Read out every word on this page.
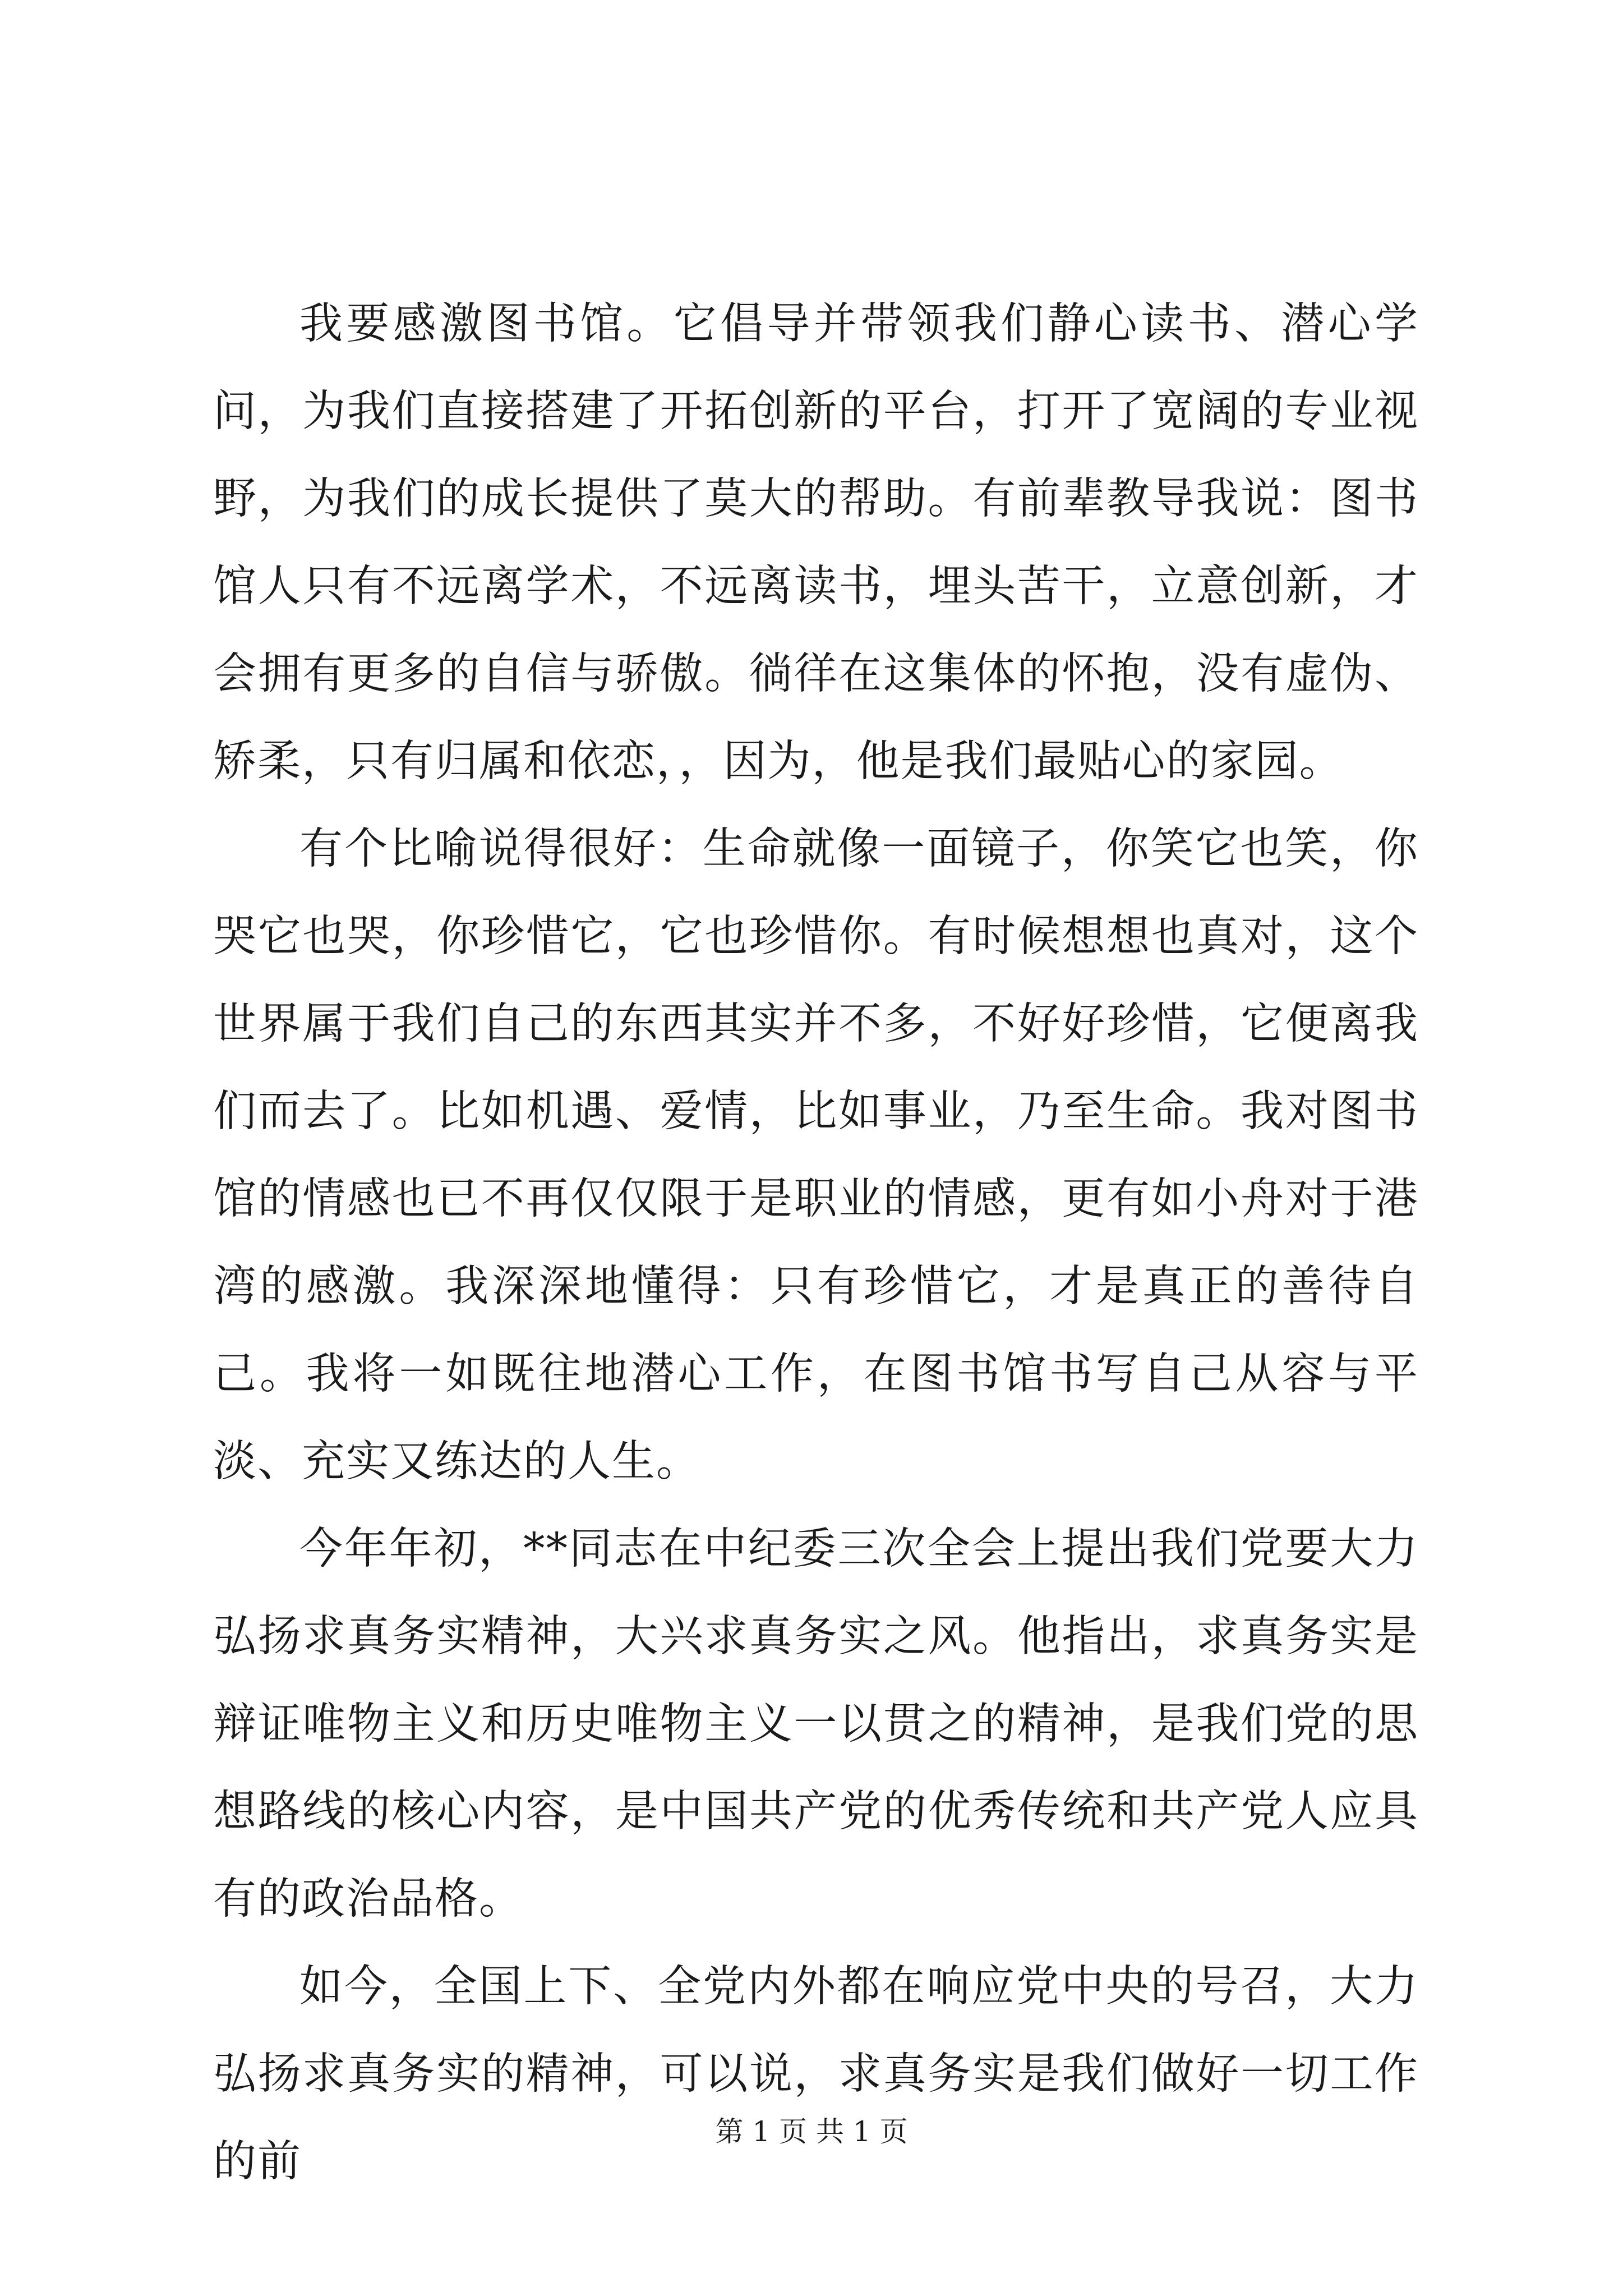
我要感激图书馆。它倡导并带领我们静心读书、潜心学问，为我们直接搭建了开拓创新的平台，打开了宽阔的专业视野，为我们的成长提供了莫大的帮助。有前辈教导我说：图书馆人只有不远离学术，不远离读书，埋头苦干，立意创新，才会拥有更多的自信与骄傲。徜徉在这集体的怀抱，没有虚伪、矫柔，只有归属和依恋，，因为，他是我们最贴心的家园。

有个比喻说得很好：生命就像一面镜子，你笑它也笑，你哭它也哭，你珍惜它，它也珍惜你。有时候想想也真对，这个世界属于我们自己的东西其实并不多，不好好珍惜，它便离我们而去了。比如机遇、爱情，比如事业，乃至生命。我对图书馆的情感也已不再仅仅限于是职业的情感，更有如小舟对于港湾的感激。我深深地懂得：只有珍惜它，才是真正的善待自己。我将一如既往地潜心工作，在图书馆书写自己从容与平淡、充实又练达的人生。

今年年初，**同志在中纪委三次全会上提出我们党要大力弘扬求真务实精神，大兴求真务实之风。他指出，求真务实是辩证唯物主义和历史唯物主义一以贯之的精神，是我们党的思想路线的核心内容，是中国共产党的优秀传统和共产党人应具有的政治品格。

如今，全国上下、全党内外都在响应党中央的号召，大力弘扬求真务实的精神，可以说，求真务实是我们做好一切工作的前

第 1 页 共 1 页
